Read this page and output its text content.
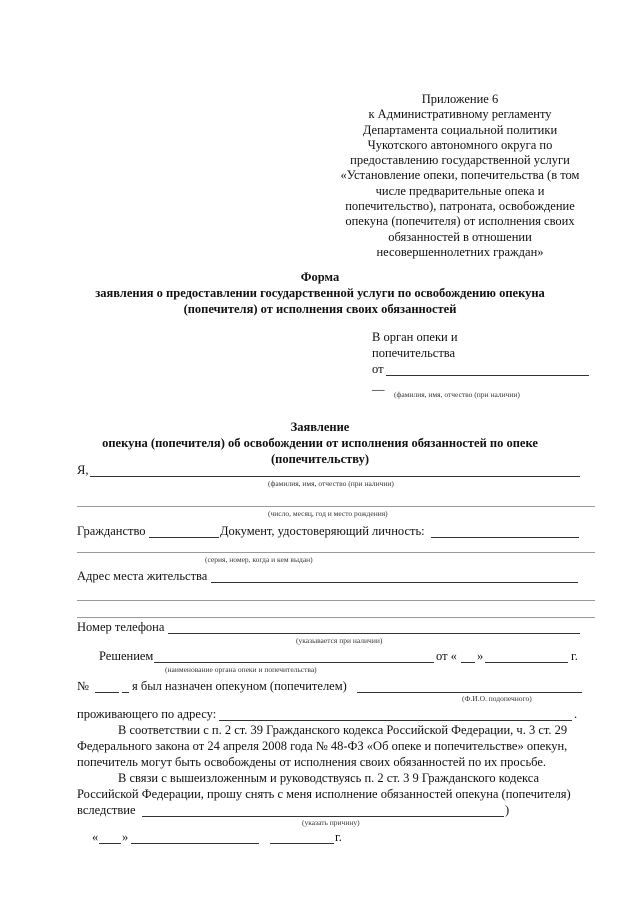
Приложение 6
к Административному регламенту
Департамента социальной политики
Чукотского автономного округа по
предоставлению государственной услуги
«Установление опеки, попечительства (в том
числе предварительные опека и
попечительство), патроната, освобождение
опекуна (попечителя) от исполнения своих
обязанностей в отношении
несовершеннолетних граждан»
Форма
заявления о предоставлении государственной услуги по освобождению опекуна
(попечителя) от исполнения своих обязанностей
В орган опеки и
попечительства
от
__
(фамилия, имя, отчество (при наличии)
Заявление
опекуна (попечителя) об освобождении от исполнения обязанностей по опеке
(попечительству)
Я,
(фамилия, имя, отчество (при наличии)
(число, месяц, год и место рождения)
Гражданство	Документ, удостоверяющий личность:
(серия, номер, когда и кем выдан)
Адрес места жительства
Номер телефона
(указывается при наличии)
Решением	от « »	г.
(наименование органа опеки и попечительства)
№	я был назначен опекуном (попечителем)
(Ф.И.О. подопечного)
проживающего по адресу:	.
В соответствии с п. 2 ст. 39 Гражданского кодекса Российской Федерации, ч. 3 ст. 29
Федерального закона от 24 апреля 2008 года № 48-ФЗ «Об опеке и попечительстве» опекун,
попечитель могут быть освобождены от исполнения своих обязанностей по их просьбе.
В связи с вышеизложенным и руководствуясь п. 2 ст. 3 9 Гражданского кодекса
Российской Федерации, прошу снять с меня исполнение обязанностей опекуна (попечителя)
вследствие	)
(указать причину)
« »	г.
